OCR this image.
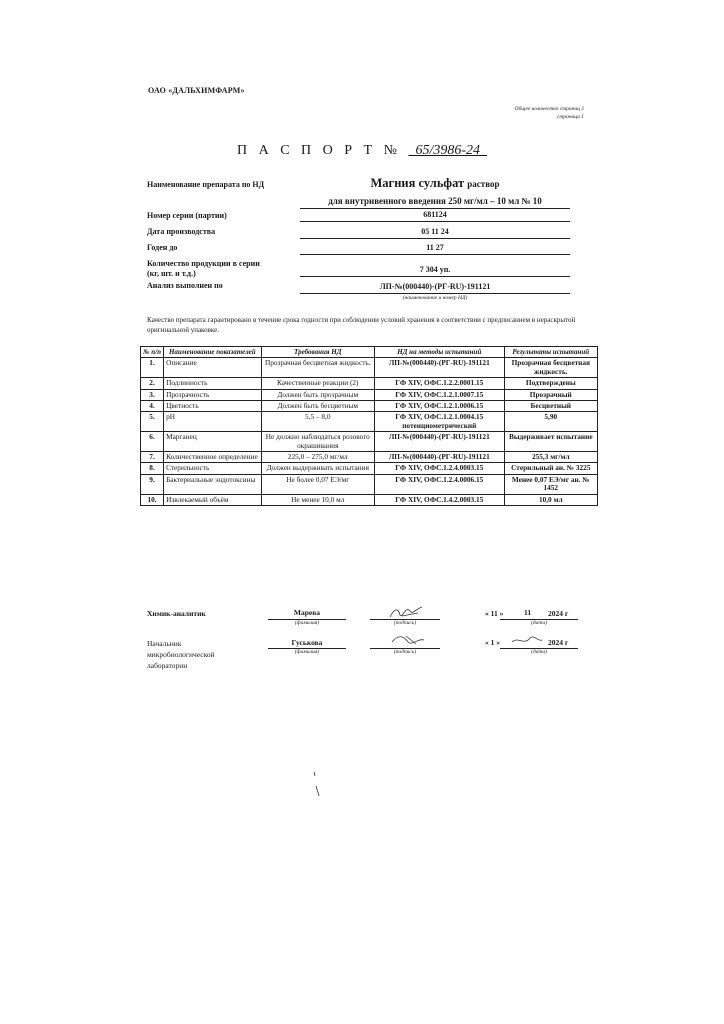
ОАО «ДАЛЬХИМФАРМ»
Общее количество страниц 2
страница 1
П А С П О Р Т № _65/3986-24_
Наименование препарата по НД	Магния сульфат раствор
для внутривенного введения 250 мг/мл – 10 мл № 10
Номер серии (партии)	681124
Дата производства	05 11 24
Годен до	11 27
Количество продукции в серии
(кг, шт. и т.д.)	7 304 уп.
Анализ выполнен по	ЛП-№(000440)-(РГ-RU)-191121
(наименование и номер НД)
Качество препарата гарантировано в течение срока годности при соблюдении условий хранения в соответствии с предписанием в нераскрытой оригинальной упаковке.
№ п/п	Наименование показателей	Требования НД	НД на методы испытаний	Результаты испытаний
1.	Описание	Прозрачная бесцветная жидкость.	ЛП-№(000440)-(РГ-RU)-191121	Прозрачная бесцветная жидкость.
2.	Подлинность	Качественные реакции (2)	ГФ XIV, ОФС.1.2.2.0001.15	Подтверждены
3.	Прозрачность	Должен быть прозрачным	ГФ XIV, ОФС.1.2.1.0007.15	Прозрачный
4.	Цветность	Должен быть бесцветным	ГФ XIV, ОФС.1.2.1.0006.15	Бесцветный
5.	pH	5,5 – 8,0	ГФ XIV, ОФС.1.2.1.0004.15 потенциометрический	5,90
6.	Марганец	Не должно наблюдаться розового окрашивания	ЛП-№(000440)-(РГ-RU)-191121	Выдерживает испытание
7.	Количественное определение	225,0 – 275,0 мг/мл	ЛП-№(000440)-(РГ-RU)-191121	255,3 мг/мл
8.	Стерильность	Должен выдерживать испытания	ГФ XIV, ОФС.1.2.4.0003.15	Стерильный ан. № 3225
9.	Бактериальные эндотоксины	Не более 0,07 ЕЭ/мг	ГФ XIV, ОФС.1.2.4.0006.15	Менее 0,07 ЕЭ/мг ан. № 1452
10.	Извлекаемый объём	Не менее 10,0 мл	ГФ XIV, ОФС.1.4.2.0003.15	10,0 мл
Химик-аналитик	Марева
(фамилия)	(подпись)
« 11 »	11 2024 г
(дата)
Начальник
микробиологической
лаборатории
Гуськова
(фамилия)	(подпись)
« 1 »	2024 г
(дата)
